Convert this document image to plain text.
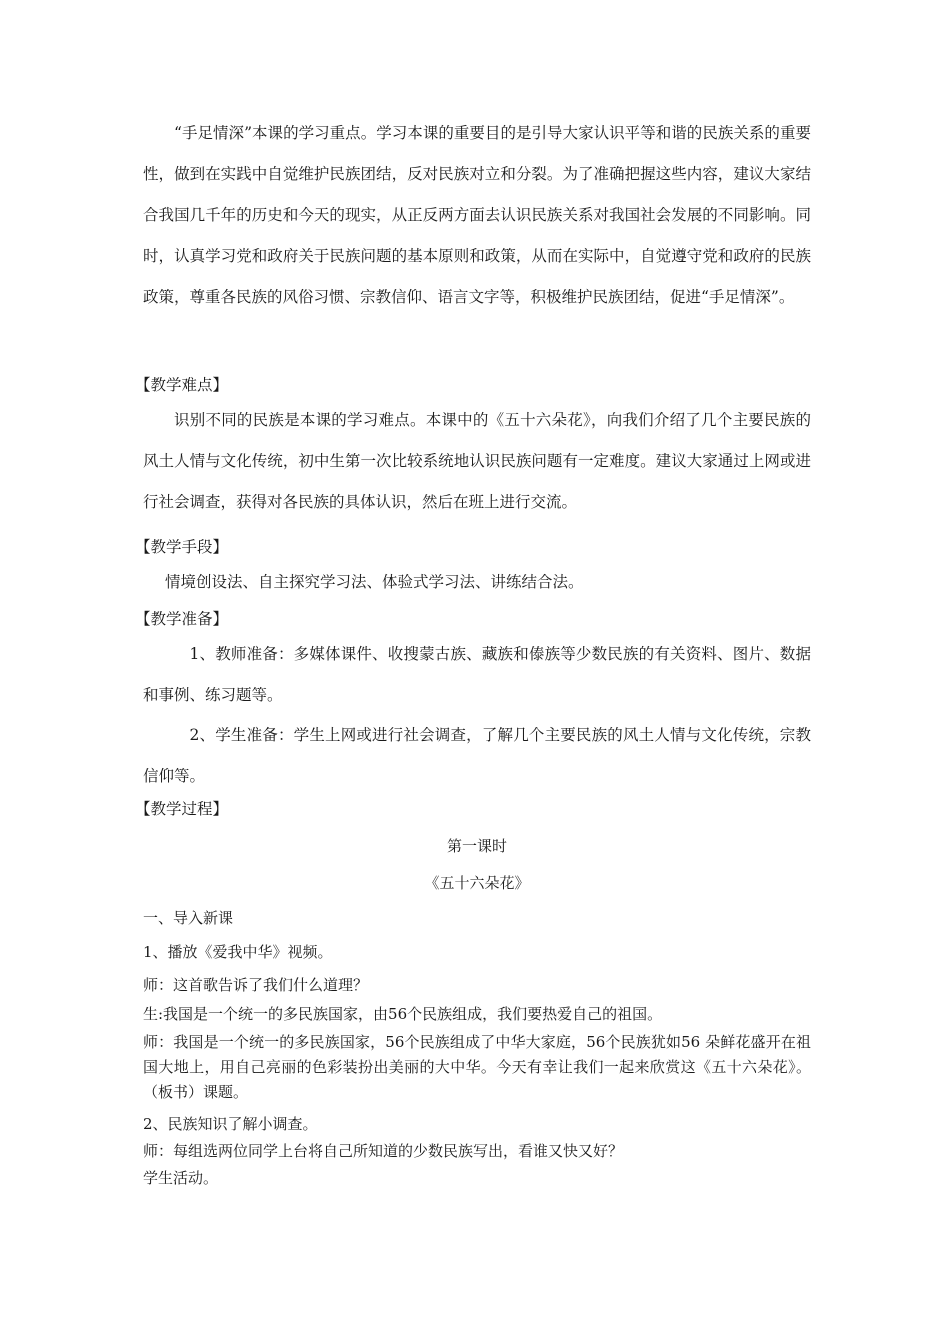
“手足情深”本课的学习重点。学习本课的重要目的是引导大家认识平等和谐的民族关系的重要性，做到在实践中自觉维护民族团结，反对民族对立和分裂。为了准确把握这些内容，建议大家结合我国几千年的历史和今天的现实，从正反两方面去认识民族关系对我国社会发展的不同影响。同时，认真学习党和政府关于民族问题的基本原则和政策，从而在实际中，自觉遵守党和政府的民族政策，尊重各民族的风俗习惯、宗教信仰、语言文字等，积极维护民族团结，促进“手足情深”。

【教学难点】

识别不同的民族是本课的学习难点。本课中的《五十六朵花》，向我们介绍了几个主要民族的风土人情与文化传统，初中生第一次比较系统地认识民族问题有一定难度。建议大家通过上网或进行社会调查，获得对各民族的具体认识，然后在班上进行交流。

【教学手段】

情境创设法、自主探究学习法、体验式学习法、讲练结合法。

【教学准备】

1、教师准备：多媒体课件、收搜蒙古族、藏族和傣族等少数民族的有关资料、图片、数据和事例、练习题等。

2、学生准备：学生上网或进行社会调查，了解几个主要民族的风土人情与文化传统，宗教信仰等。

【教学过程】

第一课时

《五十六朵花》

一、导入新课

1、播放《爱我中华》视频。

师：这首歌告诉了我们什么道理？

生:我国是一个统一的多民族国家，由56个民族组成，我们要热爱自己的祖国。

师：我国是一个统一的多民族国家，56个民族组成了中华大家庭，56个民族犹如56 朵鲜花盛开在祖国大地上，用自己亮丽的色彩装扮出美丽的大中华。今天有幸让我们一起来欣赏这《五十六朵花》。（板书）课题。

2、民族知识了解小调查。

师：每组选两位同学上台将自己所知道的少数民族写出，看谁又快又好？

学生活动。
